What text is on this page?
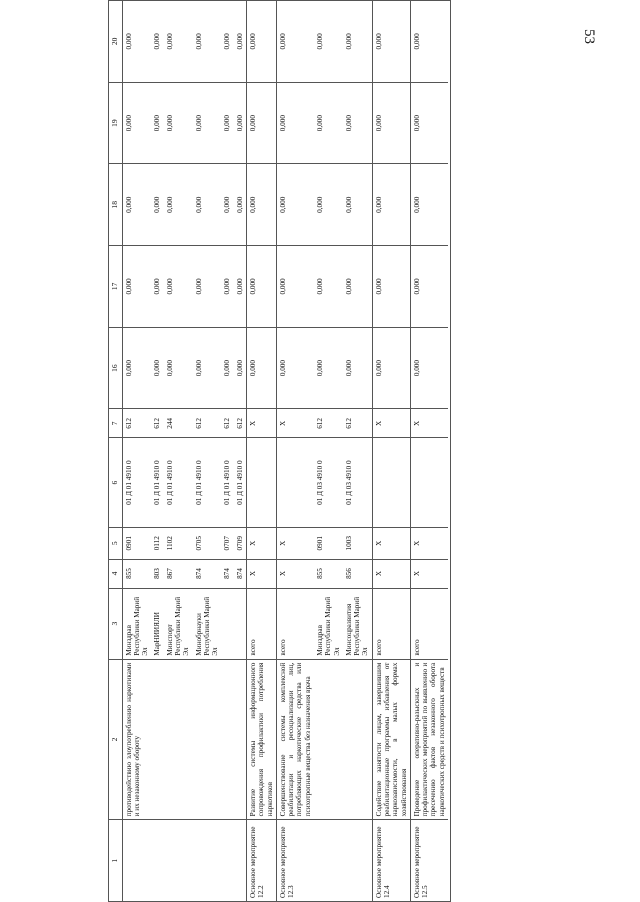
53
1	2	3	4	5	6	7	16	17	18	19	20
	противодействию злоупотреблению наркотиками и их незаконному обороту	Минздрав Республики Марий Эл	855	0901	01 Д 01 4910 0	612	0,000	0,000	0,000	0,000	0,000
		МарНИИЯЛИ	803	0112	01 Д 01 4910 0	612	0,000	0,000	0,000	0,000	0,000
		Минспорт Республики Марий Эл	867	1102	01 Д 01 4910 0	244	0,000	0,000	0,000	0,000	0,000
		Минобрнауки Республики Марий Эл	874	0705	01 Д 01 4910 0	612	0,000	0,000	0,000	0,000	0,000
			874	0707	01 Д 01 4910 0	612	0,000	0,000	0,000	0,000	0,000
			874	0709	01 Д 01 4910 0	612	0,000	0,000	0,000	0,000	0,000
Основное мероприятие 12.2	Развитие системы информационного сопровождения профилактики потребления наркотиков	всего	X	X		X	0,000	0,000	0,000	0,000	0,000
Основное мероприятие 12.3	Совершенствование системы комплексной реабилитации и ресоциализации лиц, потребляющих наркотические средства или психотропные вещества без назначения врача	всего	X	X		X	0,000	0,000	0,000	0,000	0,000
		Минздрав Республики Марий Эл	855	0901	01 Д 03 4910 0	612	0,000	0,000	0,000	0,000	0,000
		Минсоцразвития Республики Марий Эл	856	1003	01 Д 03 4910 0	612	0,000	0,000	0,000	0,000	0,000
Основное мероприятие 12.4	Содействие занятости лицам, завершившим реабилитационные программы избавления от наркозависимости, в малых формах хозяйствования	всего	X	X		X	0,000	0,000	0,000	0,000	0,000
Основное мероприятие 12.5	Проведение оперативно-разыскных и профилактических мероприятий по выявлению и пресечению фактов незаконного оборота наркотических средств и психотропных веществ	всего	X	X		X	0,000	0,000	0,000	0,000	0,000
